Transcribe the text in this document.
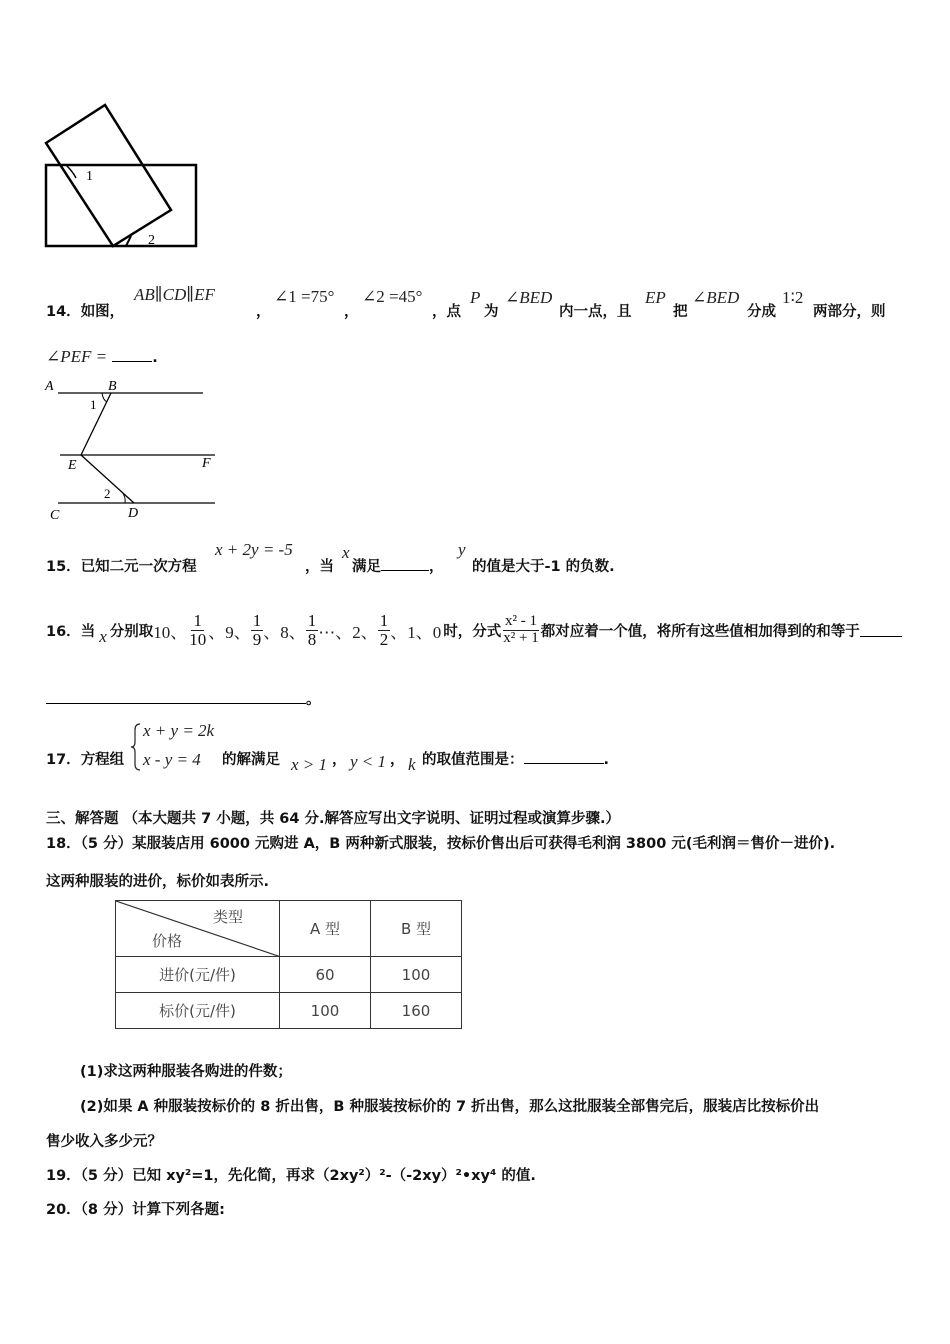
1
2
14．如图，
AB∥CD∥EF
，
∠1 =75°
，
∠2 =45°
，点
P
为
∠BED
内一点，且
EP
把
∠BED
分成
1∶2
两部分，则
∠PEF =	.
A	B
1
E	F
2
C	D
15．已知二元一次方程
x + 2y = -5
，当
x
满足	，
y
的值是大于-1 的负数.
16． 当 x 分别取 10、 $\frac{1}{10}$ 、9、 $\frac{1}{9}$ 、8、 $\frac{1}{8}$ ⋯、2、 $\frac{1}{2}$ 、1、0 时，分式 $\frac{\text{x² - 1}}{\text{x² + 1}}$ 都对应着一个值，将所有这些值相加得到的和等于
。
17．方程组
x + y = 2k
x - y = 4 的解满足 x > 1 ， y < 1 ， k 的取值范围是：	.
三、解答题 （本大题共 7 小题，共 64 分.解答应写出文字说明、证明过程或演算步骤.）
18．（5 分）某服装店用 6000 元购进 A，B 两种新式服装，按标价售出后可获得毛利润 3800 元(毛利润＝售价－进价).
这两种服装的进价，标价如表所示.
类型
价格	A 型	B 型
进价(元/件)	60	100
标价(元/件)	100	160
(1)求这两种服装各购进的件数；
(2)如果 A 种服装按标价的 8 折出售，B 种服装按标价的 7 折出售，那么这批服装全部售完后，服装店比按标价出
售少收入多少元？
19．（5 分）已知 xy²=1，先化简，再求（2xy²）²-（-2xy）²•xy⁴ 的值.
20．（8 分）计算下列各题:
